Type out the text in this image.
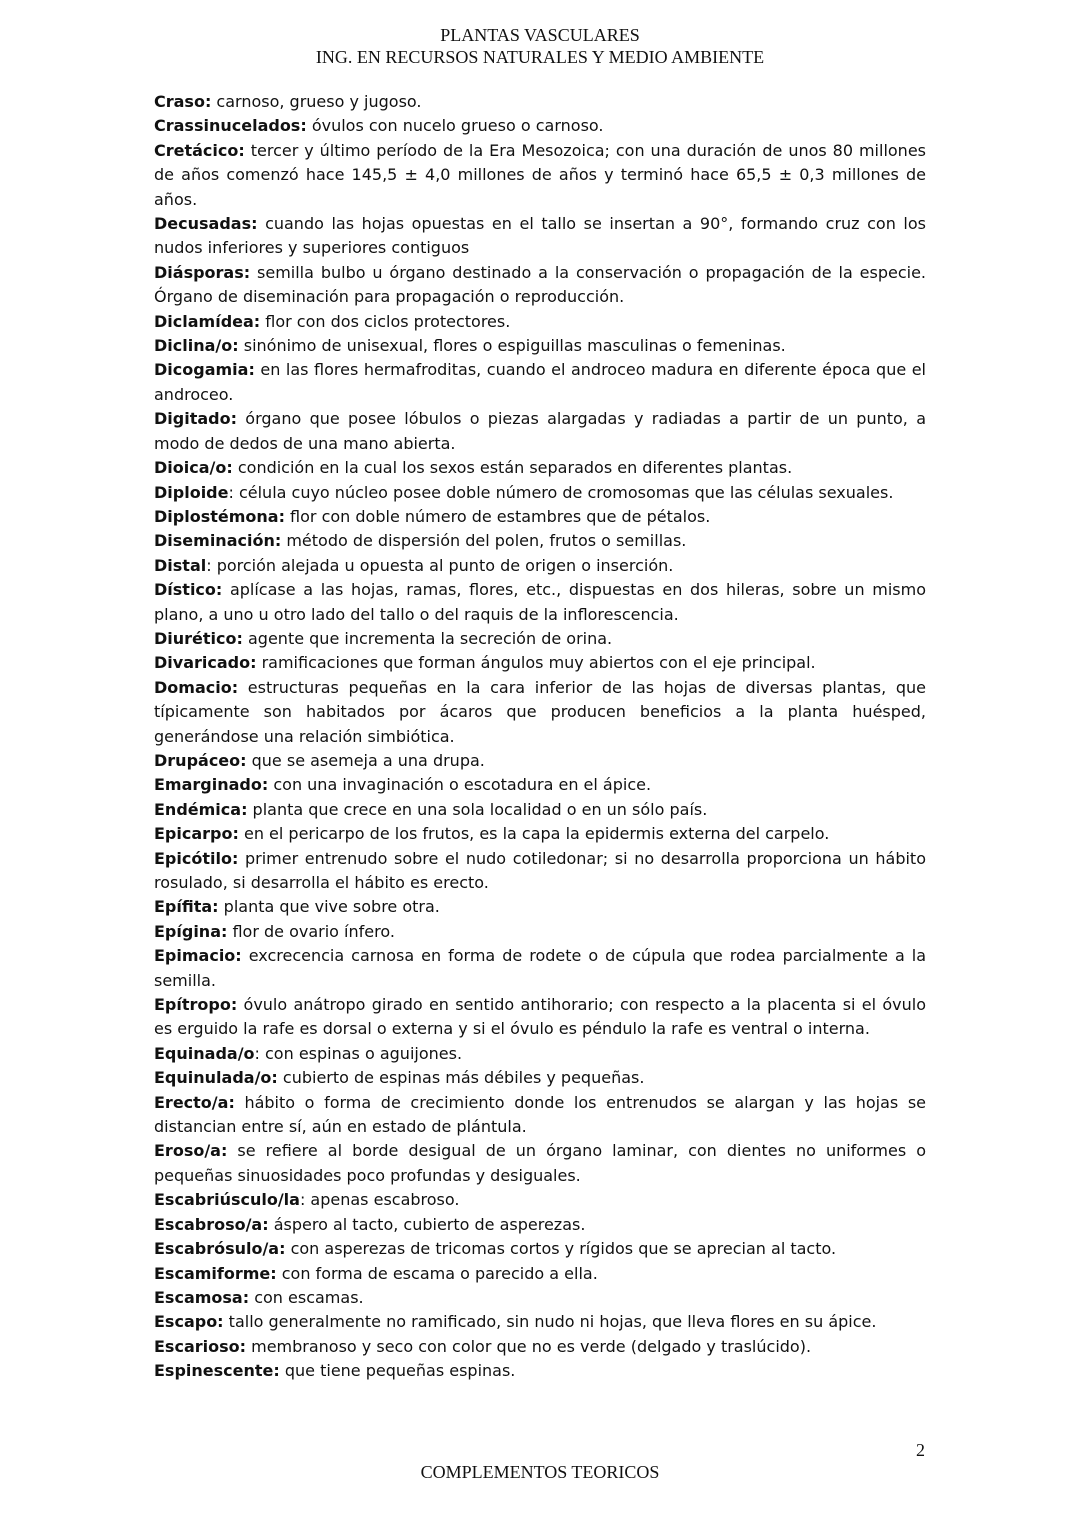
PLANTAS VASCULARES
ING. EN RECURSOS NATURALES Y MEDIO AMBIENTE

Craso: carnoso, grueso y jugoso.

Crassinucelados: óvulos con nucelo grueso o carnoso.

Cretácico: tercer y último período de la Era Mesozoica; con una duración de unos 80 millones de años comenzó hace 145,5 ± 4,0 millones de años y terminó hace 65,5 ± 0,3 millones de años.

Decusadas: cuando las hojas opuestas en el tallo se insertan a 90°, formando cruz con los nudos inferiores y superiores contiguos

Diásporas: semilla bulbo u órgano destinado a la conservación o propagación de la especie. Órgano de diseminación para propagación o reproducción.

Diclamídea: flor con dos ciclos protectores.

Diclina/o: sinónimo de unisexual, flores o espiguillas masculinas o femeninas.

Dicogamia: en las flores hermafroditas, cuando el androceo madura en diferente época que el androceo.

Digitado: órgano que posee lóbulos o piezas alargadas y radiadas a partir de un punto, a modo de dedos de una mano abierta.

Dioica/o: condición en la cual los sexos están separados en diferentes plantas.

Diploide: célula cuyo núcleo posee doble número de cromosomas que las células sexuales.

Diplostémona: flor con doble número de estambres que de pétalos.

Diseminación: método de dispersión del polen, frutos o semillas.

Distal: porción alejada u opuesta al punto de origen o inserción.

Dístico: aplícase a las hojas, ramas, flores, etc., dispuestas en dos hileras, sobre un mismo plano, a uno u otro lado del tallo o del raquis de la inflorescencia.

Diurético: agente que incrementa la secreción de orina.

Divaricado: ramificaciones que forman ángulos muy abiertos con el eje principal.

Domacio: estructuras pequeñas en la cara inferior de las hojas de diversas plantas, que típicamente son habitados por ácaros que producen beneficios a la planta huésped, generándose una relación simbiótica.

Drupáceo: que se asemeja a una drupa.

Emarginado: con una invaginación o escotadura en el ápice.

Endémica: planta que crece en una sola localidad o en un sólo país.

Epicarpo: en el pericarpo de los frutos, es la capa la epidermis externa del carpelo.

Epicótilo: primer entrenudo sobre el nudo cotiledonar; si no desarrolla proporciona un hábito rosulado, si desarrolla el hábito es erecto.

Epífita: planta que vive sobre otra.

Epígina: flor de ovario ínfero.

Epimacio: excrecencia carnosa en forma de rodete o de cúpula que rodea parcialmente a la semilla.

Epítropo: óvulo anátropo girado en sentido antihorario; con respecto a la placenta si el óvulo es erguido la rafe es dorsal o externa y si el óvulo es péndulo la rafe es ventral o interna.

Equinada/o: con espinas o aguijones.

Equinulada/o: cubierto de espinas más débiles y pequeñas.

Erecto/a: hábito o forma de crecimiento donde los entrenudos se alargan y las hojas se distancian entre sí, aún en estado de plántula.

Eroso/a: se refiere al borde desigual de un órgano laminar, con dientes no uniformes o pequeñas sinuosidades poco profundas y desiguales.

Escabriúsculo/la: apenas escabroso.

Escabroso/a: áspero al tacto, cubierto de asperezas.

Escabrósulo/a: con asperezas de tricomas cortos y rígidos que se aprecian al tacto.

Escamiforme: con forma de escama o parecido a ella.

Escamosa: con escamas.

Escapo: tallo generalmente no ramificado, sin nudo ni hojas, que lleva flores en su ápice.

Escarioso: membranoso y seco con color que no es verde (delgado y traslúcido).

Espinescente: que tiene pequeñas espinas.

2
COMPLEMENTOS TEORICOS
